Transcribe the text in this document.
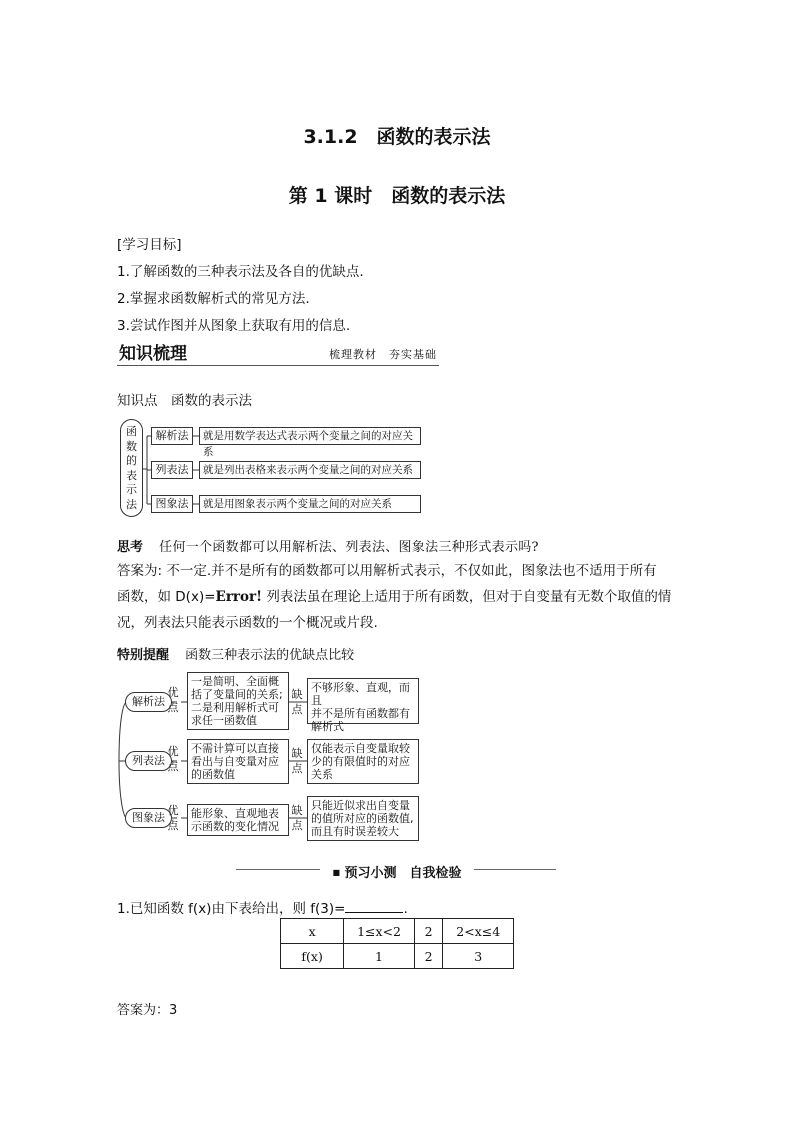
3.1.2　函数的表示法
第 1 课时　函数的表示法
[学习目标]
1.了解函数的三种表示法及各自的优缺点.
2.掌握求函数解析式的常见方法.
3.尝试作图并从图象上获取有用的信息.
知识梳理	梳理教材　夯实基础
知识点　函数的表示法
函
数
的
表
示
法
解析法	就是用数学表达式表示两个变量之间的对应关系
列表法	就是列出表格来表示两个变量之间的对应关系
图象法	就是用图象表示两个变量之间的对应关系
思考 任何一个函数都可以用解析法、列表法、图象法三种形式表示吗?
答案为: 不一定.并不是所有的函数都可以用解析式表示，不仅如此，图象法也不适用于所有
函数，如 D(x)=Error! 列表法虽在理论上适用于所有函数，但对于自变量有无数个取值的情
况，列表法只能表示函数的一个概况或片段.
特别提醒 函数三种表示法的优缺点比较
解析法
优点
一是简明、全面概
括了变量间的关系;
二是利用解析式可
求任一函数值
缺点
不够形象、直观，而且
并不是所有函数都有
解析式
列表法
优点
不需计算可以直接
看出与自变量对应
的函数值
缺点
仅能表示自变量取较
少的有限值时的对应
关系
图象法
优点
能形象、直观地表
示函数的变化情况
缺点
只能近似求出自变量
的值所对应的函数值,
而且有时误差较大
■ 预习小测　自我检验
1.已知函数 f(x)由下表给出，则 f(3)=	.
x	1≤x<2	2	2<x≤4
f(x)	1	2	3
答案为：3
